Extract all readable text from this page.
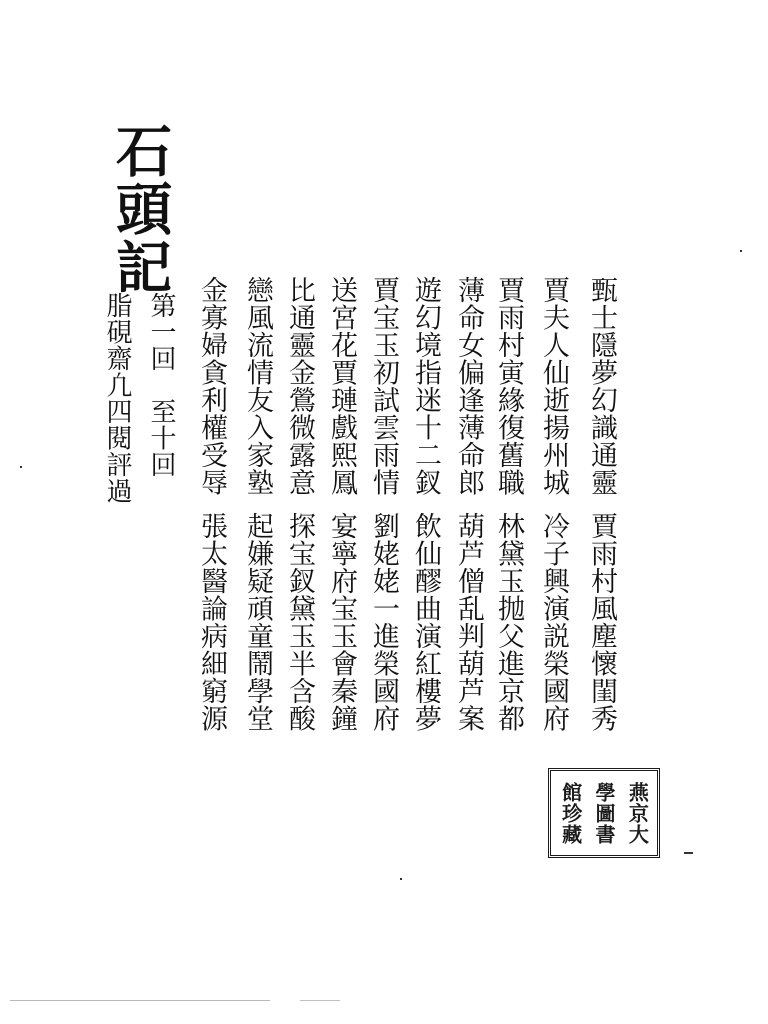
石頭記
第一回　至十回
脂硯齋凢四閱評過	甄士隱夢幻識通靈
賈夫人仙逝揚州城
賈雨村寅緣復舊職
薄命女偏逢薄命郎
遊幻境指迷十二釵
賈宝玉初試雲雨情
送宮花賈璉戲熙鳳
比通靈金鶯微露意
戀風流情友入家塾
金寡婦貪利權受辱
賈雨村風塵懷閨秀
冷子興演説榮國府
林黛玉抛父進京都
葫芦僧乱判葫芦案
飲仙醪曲演紅樓夢
劉姥姥一進榮國府
宴寧府宝玉會秦鐘
探宝釵黛玉半含酸
起嫌疑頑童鬧學堂
張太醫論病細窮源
燕京大
學圖書
館珍藏
